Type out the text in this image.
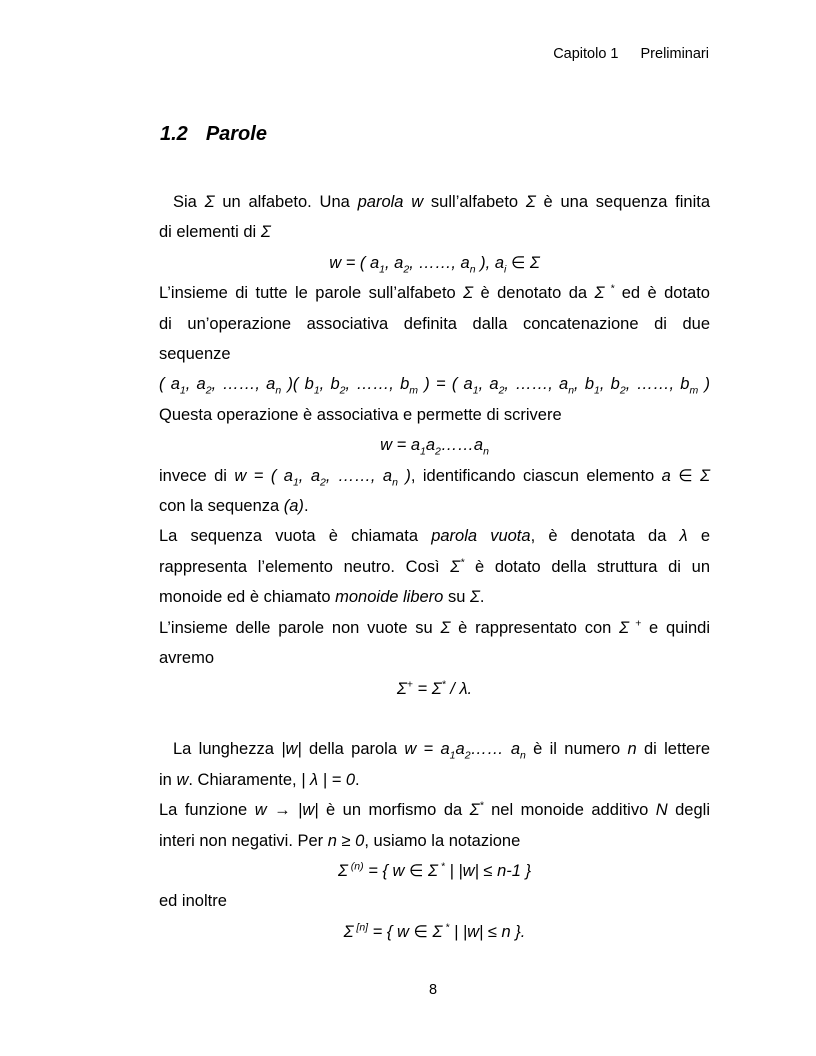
Capitolo 1 Preliminari
1.2 Parole

Sia Σ un alfabeto. Una parola w sull’alfabeto Σ è una sequenza finita

di elementi di Σ

w = ( $a_1$, $a_2$, ……, $a_n$ ), $a_i$ ∈ Σ

L’insieme di tutte le parole sull’alfabeto Σ è denotato da Σ * ed è dotato

di un’operazione associativa definita dalla concatenazione di due

sequenze

( $a_1$, $a_2$, ……, $a_n$ )( $b_1$, $b_2$, ……, $b_m$ ) = ( $a_1$, $a_2$, ……, $a_n$, $b_1$, $b_2$, ……, $b_m$ )

Questa operazione è associativa e permette di scrivere

$w = a_1a_2\dots\dots a_n$

invece di w = ( $a_1$, $a_2$, ……, $a_n$ ), identificando ciascun elemento a ∈ Σ

con la sequenza (a).

La sequenza vuota è chiamata parola vuota, è denotata da λ e

rappresenta l’elemento neutro. Così Σ* è dotato della struttura di un

monoide ed è chiamato monoide libero su Σ.

L’insieme delle parole non vuote su Σ è rappresentato con Σ + e quindi

avremo

Σ+ = Σ* / λ.

La lunghezza |w| della parola $w = a_1a_2\dots\dots$ $a_n$ è il numero n di lettere

in w. Chiaramente, | λ | = 0.

La funzione w → |w| è un morfismo da Σ* nel monoide additivo N degli

interi non negativi. Per n ≥ 0, usiamo la notazione

Σ $^{(n)}$ = { w ∈ Σ * | |w| ≤ n-1 }

ed inoltre

Σ [n] = { w ∈ Σ * | |w| ≤ n }.

8
